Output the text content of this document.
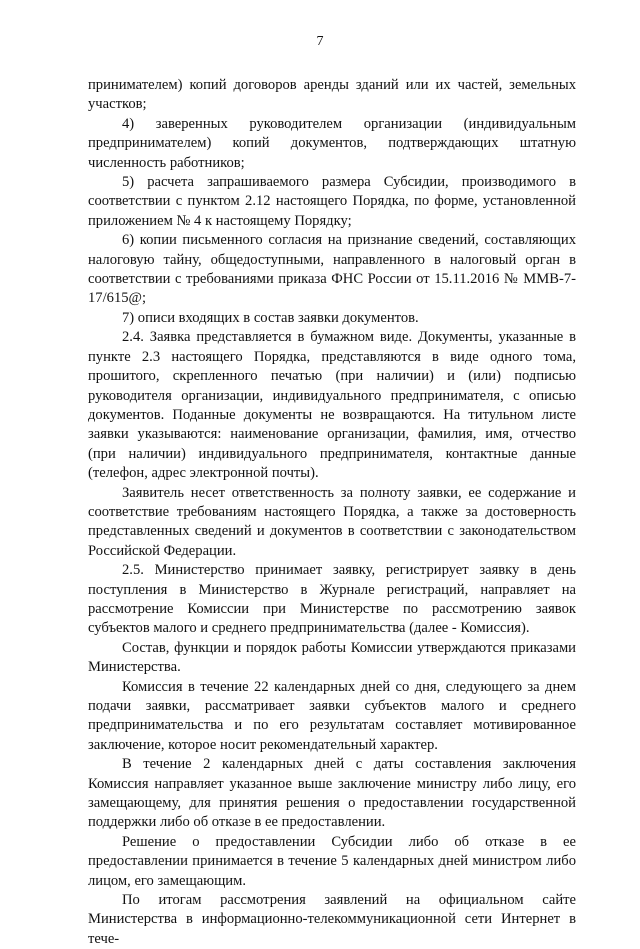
7

принимателем) копий договоров аренды зданий или их частей, земельных участков;

4) заверенных руководителем организации (индивидуальным предпринимателем) копий документов, подтверждающих штатную численность работников;

5) расчета запрашиваемого размера Субсидии, производимого в соответствии с пунктом 2.12 настоящего Порядка, по форме, установленной приложением № 4 к настоящему Порядку;

6) копии письменного согласия на признание сведений, составляющих налоговую тайну, общедоступными, направленного в налоговый орган в соответствии с требованиями приказа ФНС России от 15.11.2016 № ММВ-7-17/615@;

7) описи входящих в состав заявки документов.

2.4. Заявка представляется в бумажном виде. Документы, указанные в пункте 2.3 настоящего Порядка, представляются в виде одного тома, прошитого, скрепленного печатью (при наличии) и (или) подписью руководителя организации, индивидуального предпринимателя, с описью документов. Поданные документы не возвращаются. На титульном листе заявки указываются: наименование организации, фамилия, имя, отчество (при наличии) индивидуального предпринимателя, контактные данные (телефон, адрес электронной почты).

Заявитель несет ответственность за полноту заявки, ее содержание и соответствие требованиям настоящего Порядка, а также за достоверность представленных сведений и документов в соответствии с законодательством Российской Федерации.

2.5. Министерство принимает заявку, регистрирует заявку в день поступления в Министерство в Журнале регистраций, направляет на рассмотрение Комиссии при Министерстве по рассмотрению заявок субъектов малого и среднего предпринимательства (далее - Комиссия).

Состав, функции и порядок работы Комиссии утверждаются приказами Министерства.

Комиссия в течение 22 календарных дней со дня, следующего за днем подачи заявки, рассматривает заявки субъектов малого и среднего предпринимательства и по его результатам составляет мотивированное заключение, которое носит рекомендательный характер.

В течение 2 календарных дней с даты составления заключения Комиссия направляет указанное выше заключение министру либо лицу, его замещающему, для принятия решения о предоставлении государственной поддержки либо об отказе в ее предоставлении.

Решение о предоставлении Субсидии либо об отказе в ее предоставлении принимается в течение 5 календарных дней министром либо лицом, его замещающим.

По итогам рассмотрения заявлений на официальном сайте Министерства в информационно-телекоммуникационной сети Интернет в тече-
